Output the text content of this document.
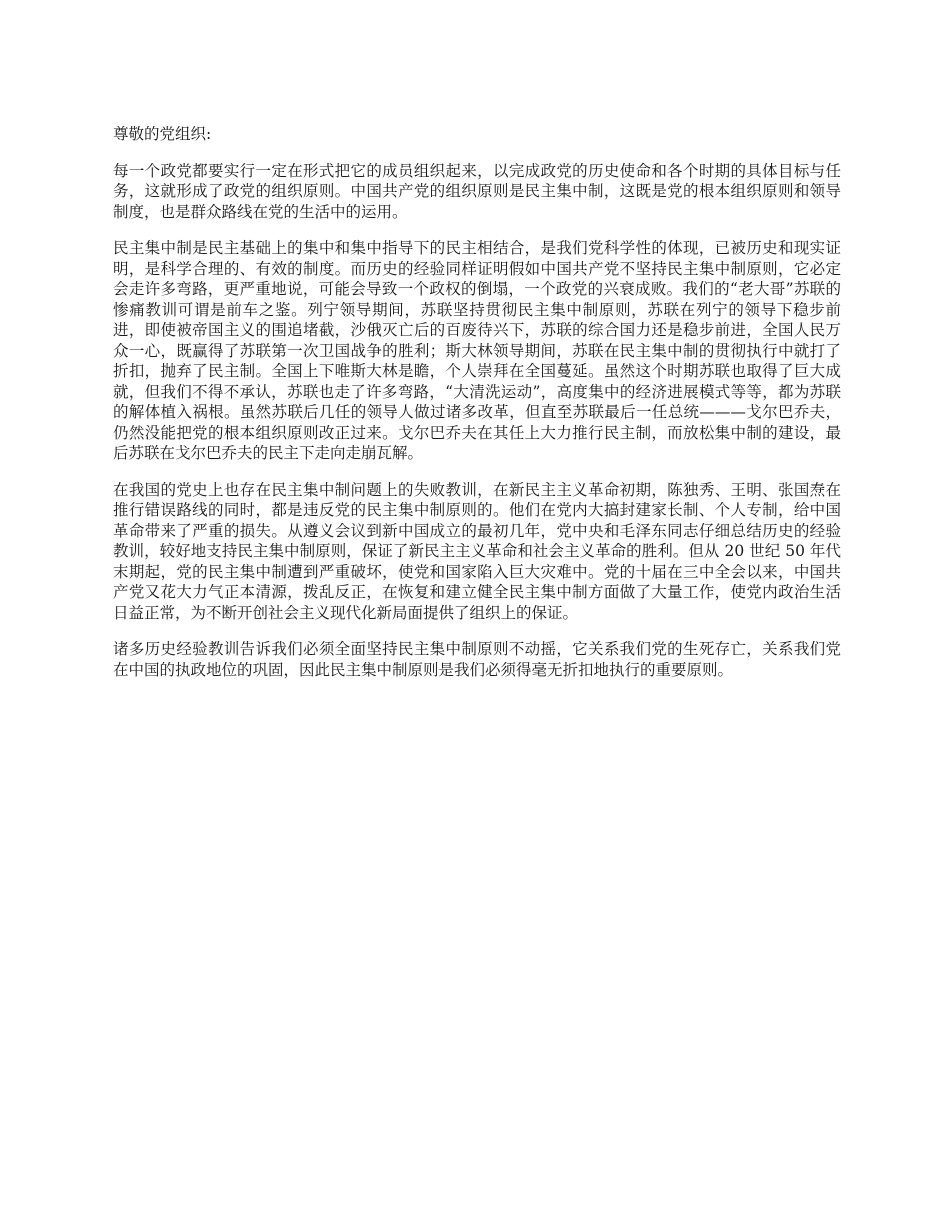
尊敬的党组织:

每一个政党都要实行一定在形式把它的成员组织起来，以完成政党的历史使命和各个时期的具体目标与任务，这就形成了政党的组织原则。中国共产党的组织原则是民主集中制，这既是党的根本组织原则和领导制度，也是群众路线在党的生活中的运用。

民主集中制是民主基础上的集中和集中指导下的民主相结合，是我们党科学性的体现，已被历史和现实证明，是科学合理的、有效的制度。而历史的经验同样证明假如中国共产党不坚持民主集中制原则，它必定会走许多弯路，更严重地说，可能会导致一个政权的倒塌，一个政党的兴衰成败。我们的“老大哥”苏联的惨痛教训可谓是前车之鉴。列宁领导期间，苏联坚持贯彻民主集中制原则，苏联在列宁的领导下稳步前进，即使被帝国主义的围追堵截，沙俄灭亡后的百废待兴下，苏联的综合国力还是稳步前进，全国人民万众一心，既赢得了苏联第一次卫国战争的胜利；斯大林领导期间，苏联在民主集中制的贯彻执行中就打了折扣，抛弃了民主制。全国上下唯斯大林是瞻，个人崇拜在全国蔓延。虽然这个时期苏联也取得了巨大成就，但我们不得不承认，苏联也走了许多弯路，“大清洗运动”，高度集中的经济进展模式等等，都为苏联的解体植入祸根。虽然苏联后几任的领导人做过诸多改革，但直至苏联最后一任总统———戈尔巴乔夫，仍然没能把党的根本组织原则改正过来。戈尔巴乔夫在其任上大力推行民主制，而放松集中制的建设，最后苏联在戈尔巴乔夫的民主下走向走崩瓦解。

在我国的党史上也存在民主集中制问题上的失败教训，在新民主主义革命初期，陈独秀、王明、张国焘在推行错误路线的同时，都是违反党的民主集中制原则的。他们在党内大搞封建家长制、个人专制，给中国革命带来了严重的损失。从遵义会议到新中国成立的最初几年，党中央和毛泽东同志仔细总结历史的经验教训，较好地支持民主集中制原则，保证了新民主主义革命和社会主义革命的胜利。但从 20 世纪 50 年代末期起，党的民主集中制遭到严重破坏，使党和国家陷入巨大灾难中。党的十届在三中全会以来，中国共产党又花大力气正本清源，拨乱反正，在恢复和建立健全民主集中制方面做了大量工作，使党内政治生活日益正常，为不断开创社会主义现代化新局面提供了组织上的保证。

诸多历史经验教训告诉我们必须全面坚持民主集中制原则不动摇，它关系我们党的生死存亡，关系我们党在中国的执政地位的巩固，因此民主集中制原则是我们必须得毫无折扣地执行的重要原则。
